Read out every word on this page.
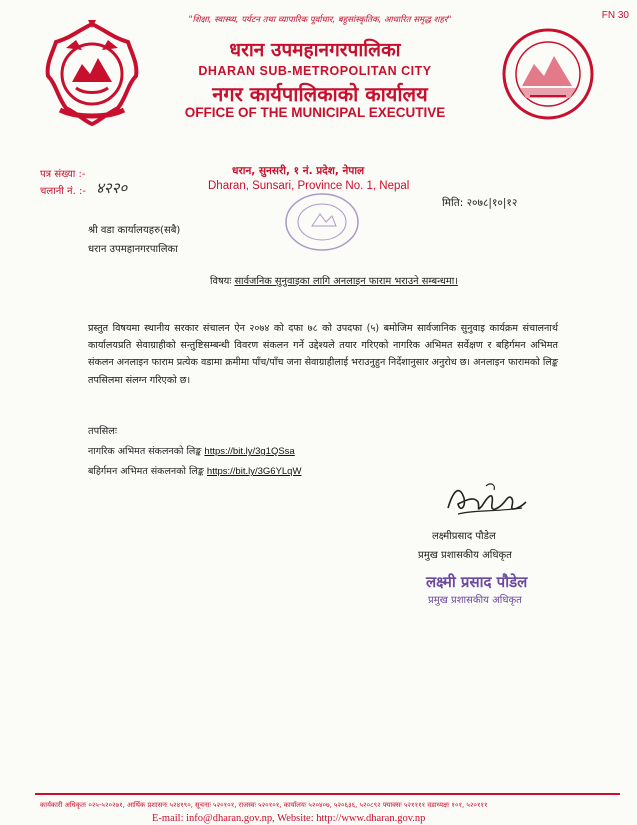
FN 30
"शिक्षा, स्वास्थ्य, पर्यटन तथा व्यापारिक पूर्वाधार, बहुसांस्कृतिक, आधारित समृद्ध शहर"
धरान उपमहानगरपालिका
DHARAN SUB-METROPOLITAN CITY
नगर कार्यपालिकाको कार्यालय
OFFICE OF THE MUNICIPAL EXECUTIVE
पत्र संख्या :-
चलानी नं. :- ४२२०
धरान, सुनसरी, १ नं. प्रदेश, नेपाल
Dharan, Sunsari, Province No. 1, Nepal
मिति: २०७८|१०|१२
श्री वडा कार्यालयहरु(सबै)
धरान उपमहानगरपालिका
विषयः सार्वजनिक सुनुवाइका लागि अनलाइन फाराम भराउने सम्बन्धमा।
प्रस्तुत विषयमा स्थानीय सरकार संचालन ऐन २०७४ को दफा ७८ को उपदफा (५) बमोजिम सार्वजानिक सुनुवाइ कार्यक्रम संचालनार्थ कार्यालयप्रति सेवाग्राहीको सन्तुष्टिसम्बन्धी विवरण संकलन गर्ने उद्देश्यले तयार गरिएको नागरिक अभिमत सर्वेक्षण र बहिर्गमन अभिमत संकलन अनलाइन फाराम प्रत्येक वडामा क्रमीमा पाँच/पाँच जना सेवाग्राहीलाई भराउनुहुन निर्देशानुसार अनुरोध छ। अनलाइन फारामको लिङ्क तपसिलमा संलग्न गरिएको छ।
तपसिलः
नागरिक अभिमत संकलनको लिङ्क https://bit.ly/3g1QSsa
बहिर्गमन अभिमत संकलनको लिङ्क https://bit.ly/3G6YLqW
लक्ष्मीप्रसाद पौडेल
प्रमुख प्रशासकीय अधिकृत
लक्ष्मी प्रसाद पौडेल
प्रमुख प्रशासकीय अधिकृत
कार्यकारी अधिकृतः ०२५-५२०२७१, आर्थिक प्रशासनः ५२४१९०, सूचनाः ५२०१०१, राजस्वः ५२०१०१, कार्यालयः ५२०४०७, ५२०६३६, ५२०८९२ फ्याक्सः ५२११११ वडाध्यक्षः १०१, ५२०१११
E-mail: info@dharan.gov.np, Website: http://www.dharan.gov.np
